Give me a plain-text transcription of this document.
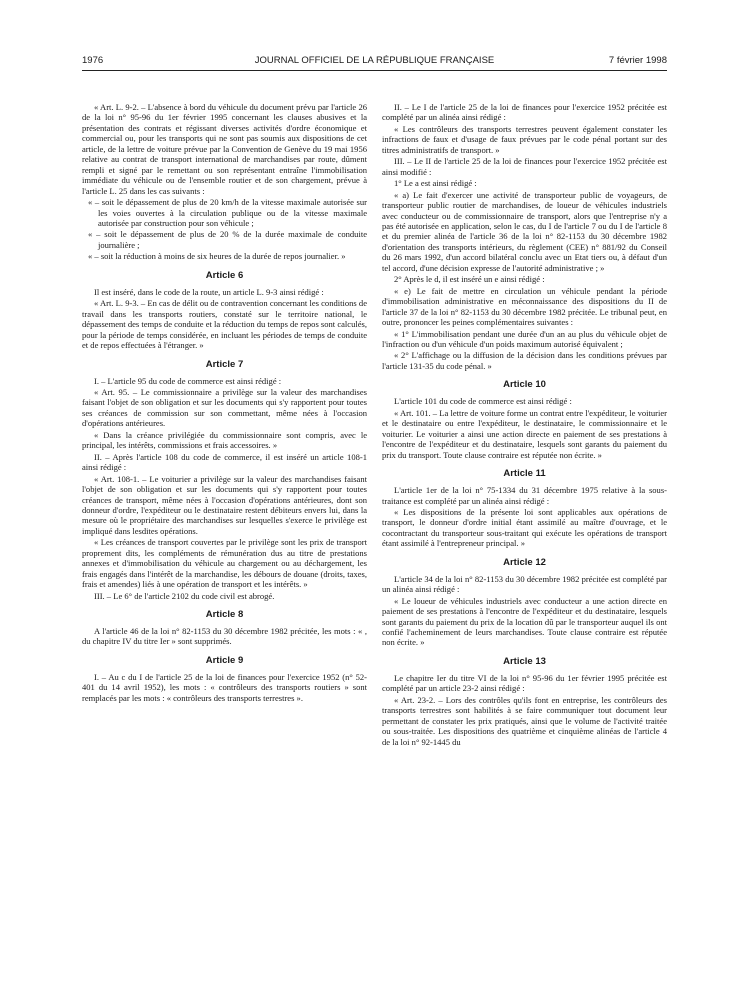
1976	JOURNAL OFFICIEL DE LA RÉPUBLIQUE FRANÇAISE	7 février 1998

« Art. L. 9-2. – L'absence à bord du véhicule du document prévu par l'article 26 de la loi n° 95-96 du 1er février 1995 concernant les clauses abusives et la présentation des contrats et régissant diverses activités d'ordre économique et commercial ou, pour les transports qui ne sont pas soumis aux dispositions de cet article, de la lettre de voiture prévue par la Convention de Genève du 19 mai 1956 relative au contrat de transport international de marchandises par route, dûment rempli et signé par le remettant ou son représentant entraîne l'immobilisation immédiate du véhicule ou de l'ensemble routier et de son chargement, prévue à l'article L. 25 dans les cas suivants :

« – soit le dépassement de plus de 20 km/h de la vitesse maximale autorisée sur les voies ouvertes à la circulation publique ou de la vitesse maximale autorisée par construction pour son véhicule ;

« – soit le dépassement de plus de 20 % de la durée maximale de conduite journalière ;

« – soit la réduction à moins de six heures de la durée de repos journalier. »

Article 6

Il est inséré, dans le code de la route, un article L. 9-3 ainsi rédigé :

« Art. L. 9-3. – En cas de délit ou de contravention concernant les conditions de travail dans les transports routiers, constaté sur le territoire national, le dépassement des temps de conduite et la réduction du temps de repos sont calculés, pour la période de temps considérée, en incluant les périodes de temps de conduite et de repos effectuées à l'étranger. »

Article 7

I. – L'article 95 du code de commerce est ainsi rédigé :

« Art. 95. – Le commissionnaire a privilège sur la valeur des marchandises faisant l'objet de son obligation et sur les documents qui s'y rapportent pour toutes ses créances de commission sur son commettant, même nées à l'occasion d'opérations antérieures.

« Dans la créance privilégiée du commissionnaire sont compris, avec le principal, les intérêts, commissions et frais accessoires. »

II. – Après l'article 108 du code de commerce, il est inséré un article 108-1 ainsi rédigé :

« Art. 108-1. – Le voiturier a privilège sur la valeur des marchandises faisant l'objet de son obligation et sur les documents qui s'y rapportent pour toutes créances de transport, même nées à l'occasion d'opérations antérieures, dont son donneur d'ordre, l'expéditeur ou le destinataire restent débiteurs envers lui, dans la mesure où le propriétaire des marchandises sur lesquelles s'exerce le privilège est impliqué dans lesdites opérations.

« Les créances de transport couvertes par le privilège sont les prix de transport proprement dits, les compléments de rémunération dus au titre de prestations annexes et d'immobilisation du véhicule au chargement ou au déchargement, les frais engagés dans l'intérêt de la marchandise, les débours de douane (droits, taxes, frais et amendes) liés à une opération de transport et les intérêts. »

III. – Le 6° de l'article 2102 du code civil est abrogé.

Article 8

A l'article 46 de la loi n° 82-1153 du 30 décembre 1982 précitée, les mots : « , du chapitre IV du titre Ier » sont supprimés.

Article 9

I. – Au c du I de l'article 25 de la loi de finances pour l'exercice 1952 (n° 52-401 du 14 avril 1952), les mots : « contrôleurs des transports routiers » sont remplacés par les mots : « contrôleurs des transports terrestres ».

II. – Le I de l'article 25 de la loi de finances pour l'exercice 1952 précitée est complété par un alinéa ainsi rédigé :

« Les contrôleurs des transports terrestres peuvent également constater les infractions de faux et d'usage de faux prévues par le code pénal portant sur des titres administratifs de transport. »

III. – Le II de l'article 25 de la loi de finances pour l'exercice 1952 précitée est ainsi modifié :

1° Le a est ainsi rédigé :

« a) Le fait d'exercer une activité de transporteur public de voyageurs, de transporteur public routier de marchandises, de loueur de véhicules industriels avec conducteur ou de commissionnaire de transport, alors que l'entreprise n'y a pas été autorisée en application, selon le cas, du I de l'article 7 ou du I de l'article 8 et du premier alinéa de l'article 36 de la loi n° 82-1153 du 30 décembre 1982 d'orientation des transports intérieurs, du règlement (CEE) n° 881/92 du Conseil du 26 mars 1992, d'un accord bilatéral conclu avec un Etat tiers ou, à défaut d'un tel accord, d'une décision expresse de l'autorité administrative ; »

2° Après le d, il est inséré un e ainsi rédigé :

« e) Le fait de mettre en circulation un véhicule pendant la période d'immobilisation administrative en méconnaissance des dispositions du II de l'article 37 de la loi n° 82-1153 du 30 décembre 1982 précitée. Le tribunal peut, en outre, prononcer les peines complémentaires suivantes :

« 1° L'immobilisation pendant une durée d'un an au plus du véhicule objet de l'infraction ou d'un véhicule d'un poids maximum autorisé équivalent ;

« 2° L'affichage ou la diffusion de la décision dans les conditions prévues par l'article 131-35 du code pénal. »

Article 10

L'article 101 du code de commerce est ainsi rédigé :

« Art. 101. – La lettre de voiture forme un contrat entre l'expéditeur, le voiturier et le destinataire ou entre l'expéditeur, le destinataire, le commissionnaire et le voiturier. Le voiturier a ainsi une action directe en paiement de ses prestations à l'encontre de l'expéditeur et du destinataire, lesquels sont garants du paiement du prix du transport. Toute clause contraire est réputée non écrite. »

Article 11

L'article 1er de la loi n° 75-1334 du 31 décembre 1975 relative à la sous-traitance est complété par un alinéa ainsi rédigé :

« Les dispositions de la présente loi sont applicables aux opérations de transport, le donneur d'ordre initial étant assimilé au maître d'ouvrage, et le cocontractant du transporteur sous-traitant qui exécute les opérations de transport étant assimilé à l'entrepreneur principal. »

Article 12

L'article 34 de la loi n° 82-1153 du 30 décembre 1982 précitée est complété par un alinéa ainsi rédigé :

« Le loueur de véhicules industriels avec conducteur a une action directe en paiement de ses prestations à l'encontre de l'expéditeur et du destinataire, lesquels sont garants du paiement du prix de la location dû par le transporteur auquel ils ont confié l'acheminement de leurs marchandises. Toute clause contraire est réputée non écrite. »

Article 13

Le chapitre Ier du titre VI de la loi n° 95-96 du 1er février 1995 précitée est complété par un article 23-2 ainsi rédigé :

« Art. 23-2. – Lors des contrôles qu'ils font en entreprise, les contrôleurs des transports terrestres sont habilités à se faire communiquer tout document leur permettant de constater les prix pratiqués, ainsi que le volume de l'activité traitée ou sous-traitée. Les dispositions des quatrième et cinquième alinéas de l'article 4 de la loi n° 92-1445 du
